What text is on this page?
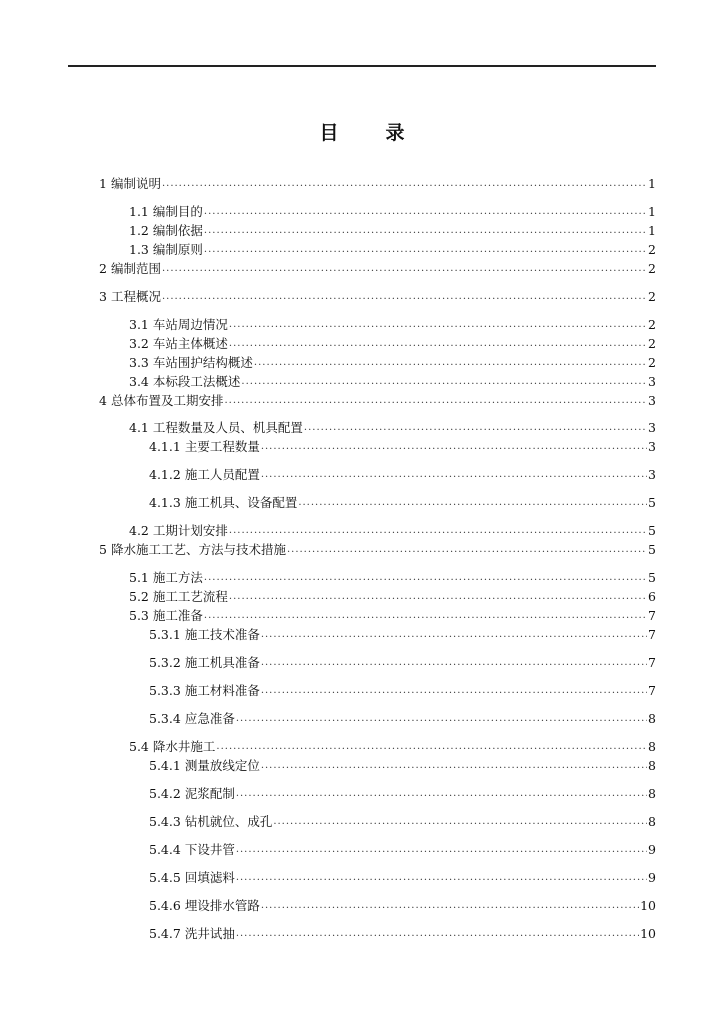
目　录
1 编制说明 .....	1
1.1 编制目的 .....	1
1.2 编制依据 .....	1
1.3 编制原则 .....	2
2 编制范围 .....	2
3 工程概况 .....	2
3.1 车站周边情况 .....	2
3.2 车站主体概述 .....	2
3.3 车站围护结构概述 .....	2
3.4 本标段工法概述 .....	3
4 总体布置及工期安排 .....	3
4.1 工程数量及人员、机具配置 .....	3
4.1.1 主要工程数量 .....	3
4.1.2 施工人员配置 .....	3
4.1.3 施工机具、设备配置 .....	5
4.2 工期计划安排 .....	5
5 降水施工工艺、方法与技术措施 .....	5
5.1 施工方法 .....	5
5.2 施工工艺流程 .....	6
5.3 施工准备 .....	7
5.3.1 施工技术准备 .....	7
5.3.2 施工机具准备 .....	7
5.3.3 施工材料准备 .....	7
5.3.4 应急准备 .....	8
5.4 降水井施工 .....	8
5.4.1 测量放线定位 .....	8
5.4.2 泥浆配制 .....	8
5.4.3 钻机就位、成孔 .....	8
5.4.4 下设井管 .....	9
5.4.5 回填滤料 .....	9
5.4.6 埋设排水管路 .....	10
5.4.7 洗井试抽 .....	10
